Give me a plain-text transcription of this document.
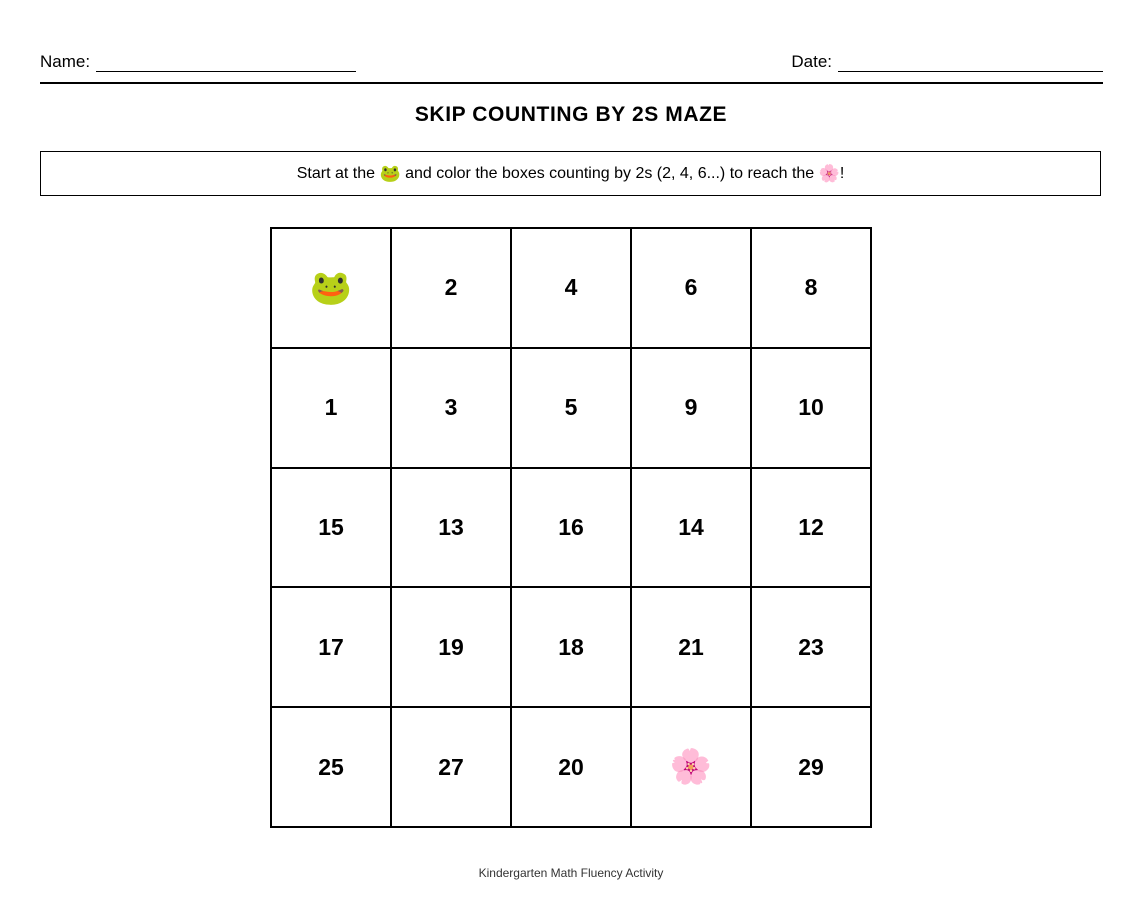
Name:	Date:
SKIP COUNTING BY 2S MAZE
Start at the 🐸 and color the boxes counting by 2s (2, 4, 6...) to reach the 🌸!
🐸	2	4	6	8
1	3	5	9	10
15	13	16	14	12
17	19	18	21	23
25	27	20	🌸	29
Kindergarten Math Fluency Activity
